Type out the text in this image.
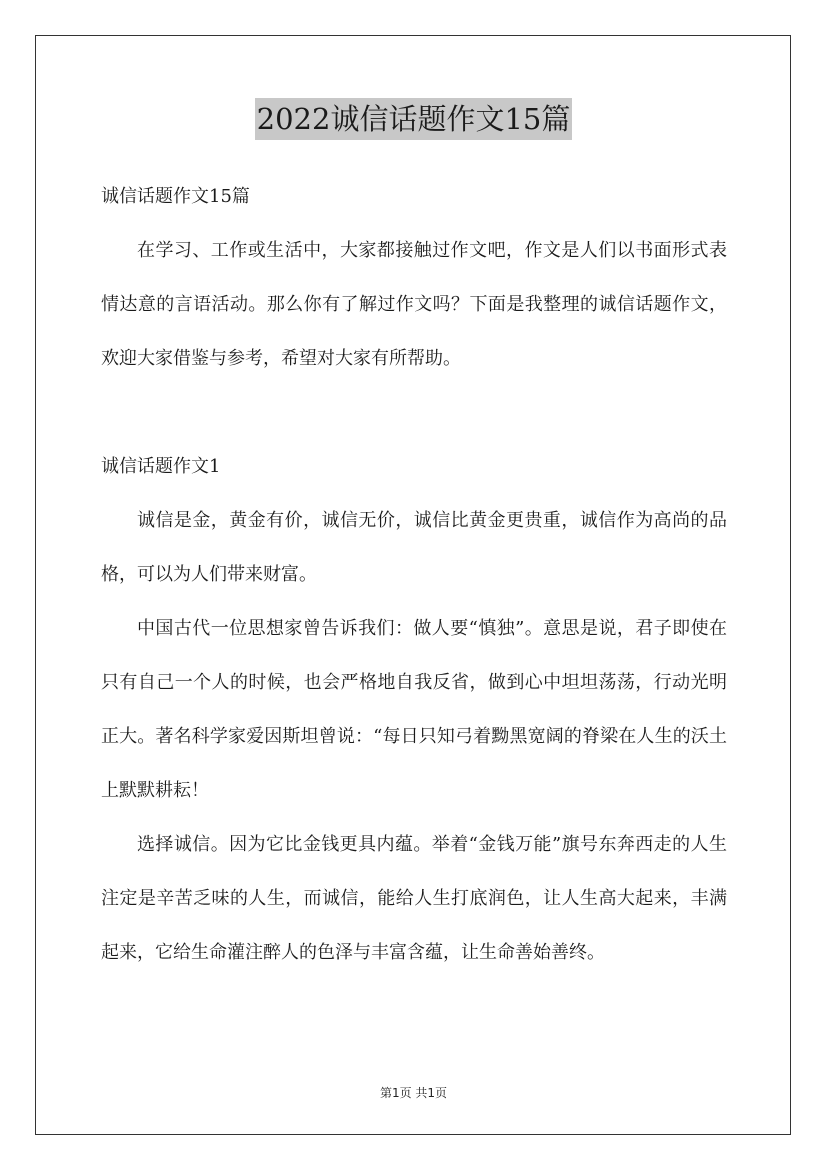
2022诚信话题作文15篇

诚信话题作文15篇

在学习、工作或生活中，大家都接触过作文吧，作文是人们以书面形式表情达意的言语活动。那么你有了解过作文吗？下面是我整理的诚信话题作文，欢迎大家借鉴与参考，希望对大家有所帮助。

诚信话题作文1

诚信是金，黄金有价，诚信无价，诚信比黄金更贵重，诚信作为高尚的品格，可以为人们带来财富。

中国古代一位思想家曾告诉我们：做人要“慎独”。意思是说，君子即使在只有自己一个人的时候，也会严格地自我反省，做到心中坦坦荡荡，行动光明正大。著名科学家爱因斯坦曾说：“每日只知弓着黝黑宽阔的脊梁在人生的沃土上默默耕耘！

选择诚信。因为它比金钱更具内蕴。举着“金钱万能”旗号东奔西走的人生注定是辛苦乏味的人生，而诚信，能给人生打底润色，让人生高大起来，丰满起来，它给生命灌注醉人的色泽与丰富含蕴，让生命善始善终。

第1页 共1页
